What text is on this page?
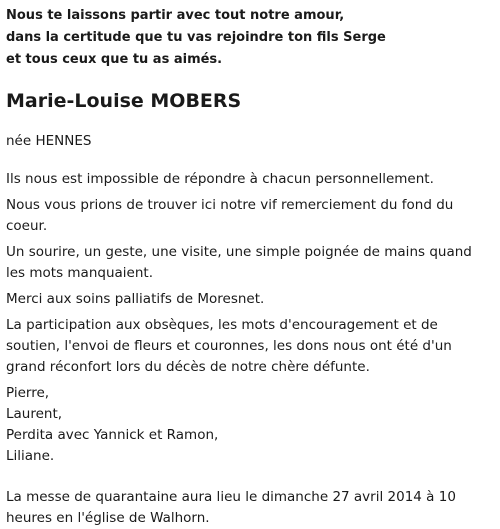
Nous te laissons partir avec tout notre amour,

dans la certitude que tu vas rejoindre ton fils Serge

et tous ceux que tu as aimés.

Marie-Louise MOBERS

née HENNES

Ils nous est impossible de répondre à chacun personnellement.

Nous vous prions de trouver ici notre vif remerciement du fond du coeur.

Un sourire, un geste, une visite, une simple poignée de mains quand les mots manquaient.

Merci aux soins palliatifs de Moresnet.

La participation aux obsèques, les mots d'encouragement et de soutien, l'envoi de fleurs et couronnes, les dons nous ont été d'un grand réconfort lors du décès de notre chère défunte.

Pierre,

Laurent,

Perdita avec Yannick et Ramon,

Liliane.

La messe de quarantaine aura lieu le dimanche 27 avril 2014 à 10 heures en l'église de Walhorn.
